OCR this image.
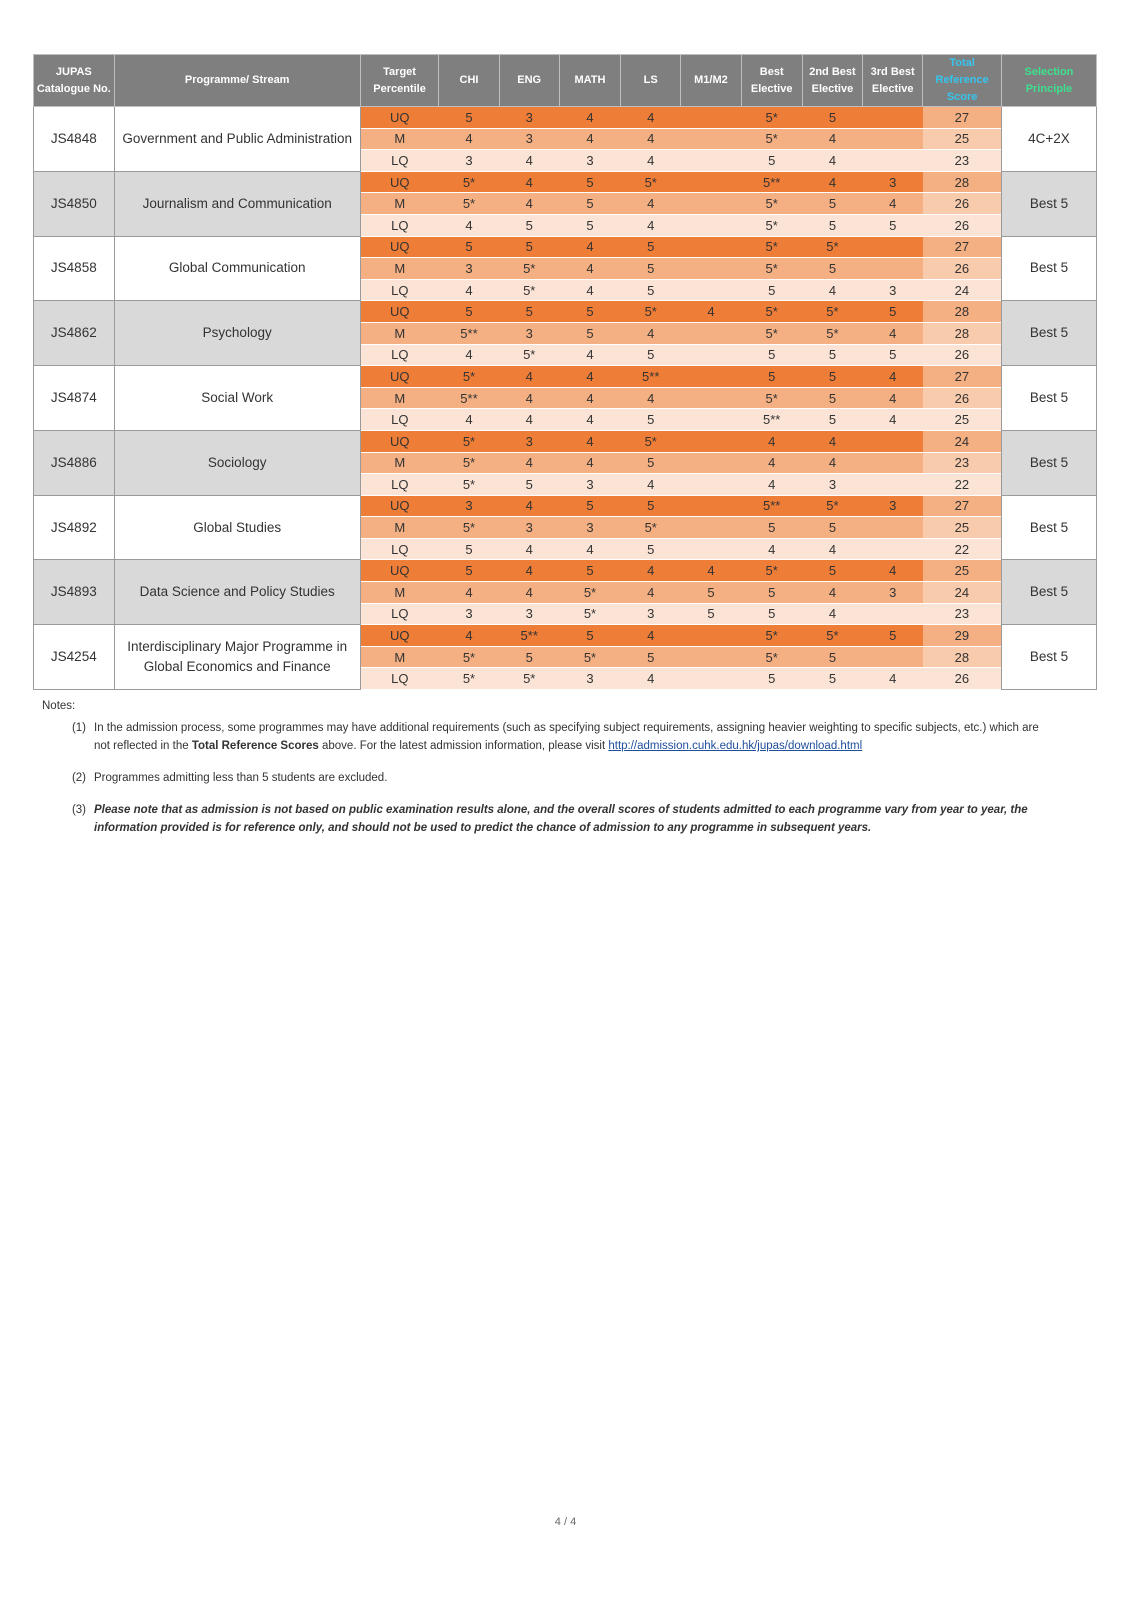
JUPAS Catalogue No.	Programme/ Stream	Target Percentile	CHI	ENG	MATH	LS	M1/M2	Best Elective	2nd Best Elective	3rd Best Elective	Total Reference Score	Selection Principle
JS4848	Government and Public Administration	UQ	5	3	4	4		5*	5		27	4C+2X
		M	4	3	4	4		5*	4		25	
		LQ	3	4	3	4		5	4		23	
JS4850	Journalism and Communication	UQ	5*	4	5	5*		5**	4	3	28	Best 5
		M	5*	4	5	4		5*	5	4	26	
		LQ	4	5	5	4		5*	5	5	26	
JS4858	Global Communication	UQ	5	5	4	5		5*	5*		27	Best 5
		M	3	5*	4	5		5*	5		26	
		LQ	4	5*	4	5		5	4	3	24	
JS4862	Psychology	UQ	5	5	5	5*	4	5*	5*	5	28	Best 5
		M	5**	3	5	4		5*	5*	4	28	
		LQ	4	5*	4	5		5	5	5	26	
JS4874	Social Work	UQ	5*	4	4	5**		5	5	4	27	Best 5
		M	5**	4	4	4		5*	5	4	26	
		LQ	4	4	4	5		5**	5	4	25	
JS4886	Sociology	UQ	5*	3	4	5*		4	4		24	Best 5
		M	5*	4	4	5		4	4		23	
		LQ	5*	5	3	4		4	3		22	
JS4892	Global Studies	UQ	3	4	5	5		5**	5*	3	27	Best 5
		M	5*	3	3	5*		5	5		25	
		LQ	5	4	4	5		4	4		22	
JS4893	Data Science and Policy Studies	UQ	5	4	5	4	4	5*	5	4	25	Best 5
		M	4	4	5*	4	5	5	4	3	24	
		LQ	3	3	5*	3	5	5	4		23	
JS4254	Interdisciplinary Major Programme in Global Economics and Finance	UQ	4	5**	5	4		5*	5*	5	29	Best 5
		M	5*	5	5*	5		5*	5		28	
		LQ	5*	5*	3	4		5	5	4	26	
Notes:
(1) In the admission process, some programmes may have additional requirements (such as specifying subject requirements, assigning heavier weighting to specific subjects, etc.) which are not reflected in the Total Reference Scores above. For the latest admission information, please visit http://admission.cuhk.edu.hk/jupas/download.html
(2) Programmes admitting less than 5 students are excluded.
(3) Please note that as admission is not based on public examination results alone, and the overall scores of students admitted to each programme vary from year to year, the information provided is for reference only, and should not be used to predict the chance of admission to any programme in subsequent years.
4 / 4
